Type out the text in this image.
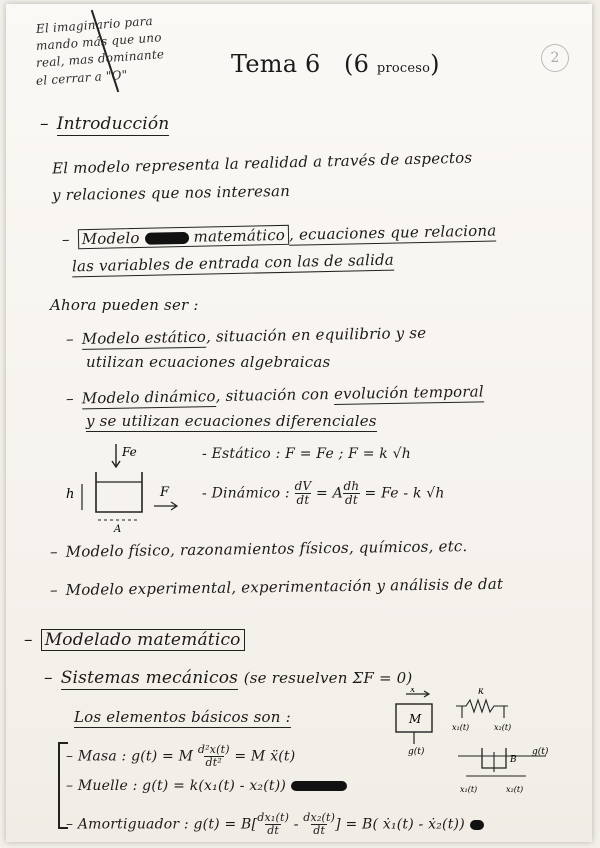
El imaginario para
mando más que uno
real, mas dominante
el cerrar a "O"
2
Tema 6 (6 proceso)
– Introducción
El modelo representa la realidad a través de aspectos
y relaciones que nos interesan
– Modelo	matemático , ecuaciones que relaciona
las variables de entrada con las de salida
Ahora pueden ser :
– Modelo estático, situación en equilibrio y se
utilizan ecuaciones algebraicas
– Modelo dinámico, situación con evolución temporal
y se utilizan ecuaciones diferenciales
Fe
h	F
A
- Estático : F = Fe ; F = k √h
- Dinámico : dV
dt = Adh
dt = Fe - k √h
– Modelo físico, razonamientos físicos, químicos, etc.
– Modelo experimental, experimentación y análisis de dat
– Modelado matemático
– Sistemas mecánicos (se resuelven ΣF = 0)
Los elementos básicos son :
– Masa : g(t) = M d²x(t)
dt² = M ẍ(t)
– Muelle : g(t) = k(x₁(t) - x₂(t))
– Amortiguador : g(t) = B[dx₁(t)
dt - dx₂(t)
dt ] = B( ẋ₁(t) - ẋ₂(t))
x
M
g(t)
k
x₁(t)	x₂(t)
B
g(t)
x₁(t)	x₂(t)
